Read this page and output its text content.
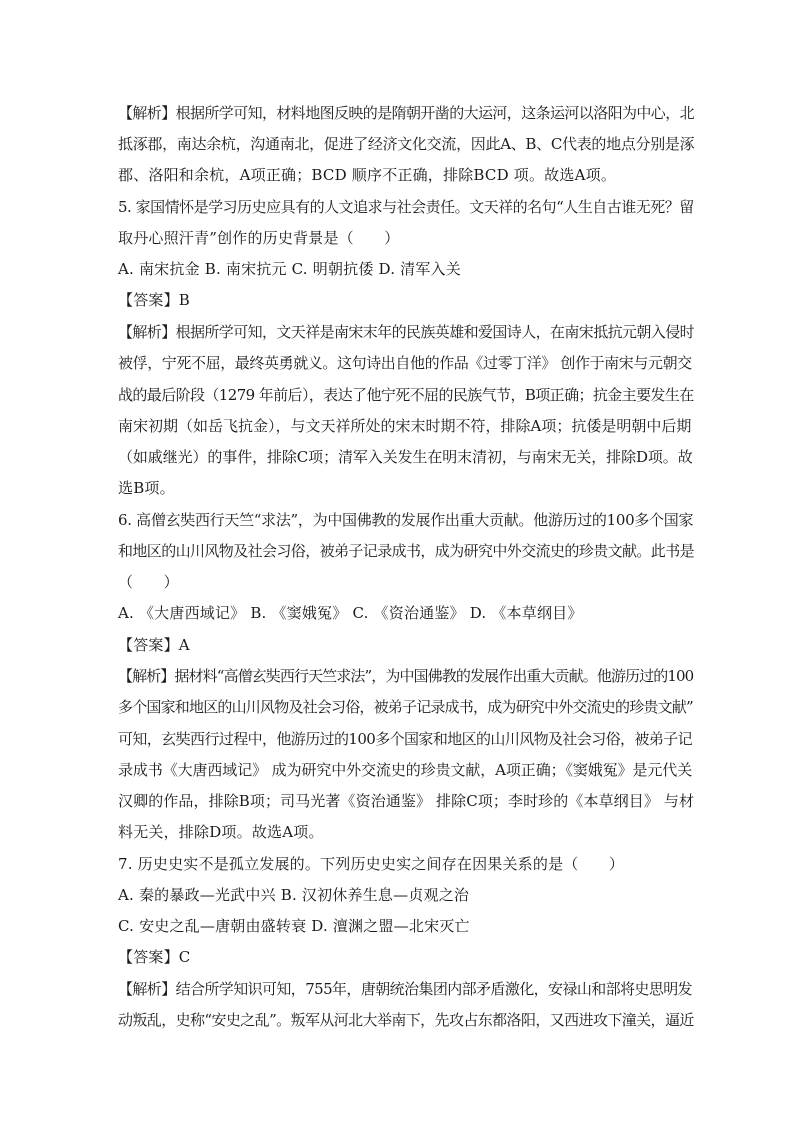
【解析】根据所学可知，材料地图反映的是隋朝开凿的大运河，这条运河以洛阳为中心，北
抵涿郡，南达余杭，沟通南北，促进了经济文化交流，因此A、B、C代表的地点分别是涿
郡、洛阳和余杭，A项正确；BCD 顺序不正确，排除BCD 项。故选A项。
5. 家国情怀是学习历史应具有的人文追求与社会责任。文天祥的名句“人生自古谁无死？留
取丹心照汗青”创作的历史背景是（　　）
A. 南宋抗金 B. 南宋抗元 C. 明朝抗倭 D. 清军入关
【答案】B
【解析】根据所学可知，文天祥是南宋末年的民族英雄和爱国诗人，在南宋抵抗元朝入侵时
被俘，宁死不屈，最终英勇就义。这句诗出自他的作品《过零丁洋》 创作于南宋与元朝交
战的最后阶段（1279 年前后），表达了他宁死不屈的民族气节，B项正确；抗金主要发生在
南宋初期（如岳飞抗金），与文天祥所处的宋末时期不符，排除A项；抗倭是明朝中后期
（如戚继光）的事件，排除C项；清军入关发生在明末清初，与南宋无关，排除D项。故
选B项。
6. 高僧玄奘西行天竺“求法”，为中国佛教的发展作出重大贡献。他游历过的100多个国家
和地区的山川风物及社会习俗，被弟子记录成书，成为研究中外交流史的珍贵文献。此书是
（　　）
A. 《大唐西域记》 B. 《窦娥冤》 C. 《资治通鉴》 D. 《本草纲目》
【答案】A
【解析】据材料“高僧玄奘西行天竺求法”，为中国佛教的发展作出重大贡献。他游历过的100
多个国家和地区的山川风物及社会习俗，被弟子记录成书，成为研究中外交流史的珍贵文献”
可知，玄奘西行过程中，他游历过的100多个国家和地区的山川风物及社会习俗，被弟子记
录成书《大唐西域记》 成为研究中外交流史的珍贵文献，A项正确；《窦娥冤》是元代关
汉卿的作品，排除B项；司马光著《资治通鉴》 排除C项；李时珍的《本草纲目》 与材
料无关，排除D项。故选A项。
7. 历史史实不是孤立发展的。下列历史史实之间存在因果关系的是（　　）
A. 秦的暴政—光武中兴 B. 汉初休养生息—贞观之治
C. 安史之乱—唐朝由盛转衰 D. 澶渊之盟—北宋灭亡
【答案】C
【解析】结合所学知识可知，755年，唐朝统治集团内部矛盾激化，安禄山和部将史思明发
动叛乱，史称“安史之乱”。叛军从河北大举南下，先攻占东都洛阳，又西进攻下潼关，逼近
